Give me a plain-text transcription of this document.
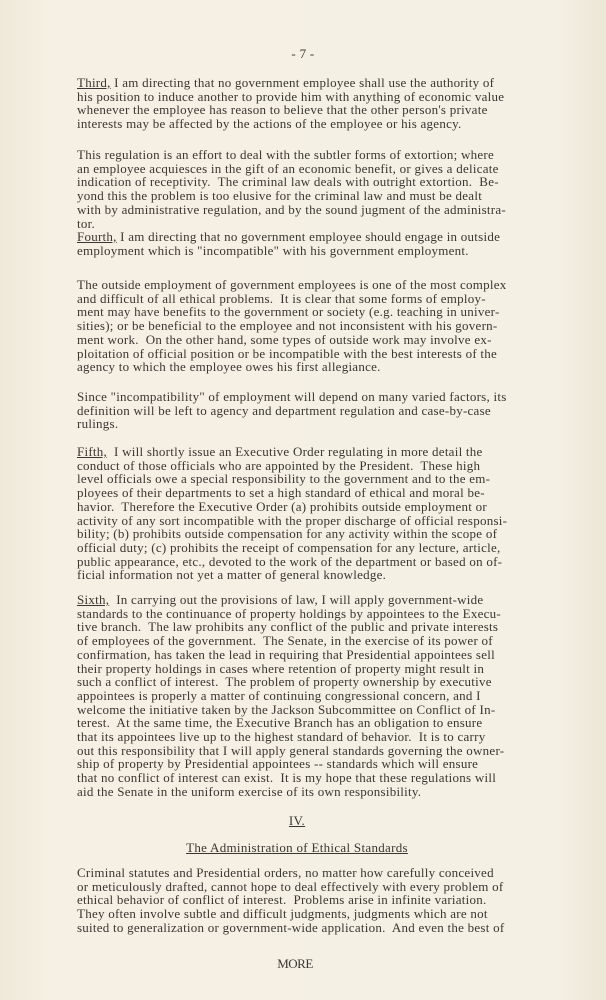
- 7 -
Third, I am directing that no government employee shall use the authority of
his position to induce another to provide him with anything of economic value
whenever the employee has reason to believe that the other person's private
interests may be affected by the actions of the employee or his agency.
This regulation is an effort to deal with the subtler forms of extortion; where
an employee acquiesces in the gift of an economic benefit, or gives a delicate
indication of receptivity.  The criminal law deals with outright extortion.  Be-
yond this the problem is too elusive for the criminal law and must be dealt
with by administrative regulation, and by the sound jugment of the administra-
tor.
Fourth, I am directing that no government employee should engage in outside
employment which is "incompatible" with his government employment.
The outside employment of government employees is one of the most complex
and difficult of all ethical problems.  It is clear that some forms of employ-
ment may have benefits to the government or society (e.g. teaching in univer-
sities); or be beneficial to the employee and not inconsistent with his govern-
ment work.  On the other hand, some types of outside work may involve ex-
ploitation of official position or be incompatible with the best interests of the
agency to which the employee owes his first allegiance.
Since "incompatibility" of employment will depend on many varied factors, its
definition will be left to agency and department regulation and case-by-case
rulings.
Fifth,  I will shortly issue an Executive Order regulating in more detail the
conduct of those officials who are appointed by the President.  These high
level officials owe a special responsibility to the government and to the em-
ployees of their departments to set a high standard of ethical and moral be-
havior.  Therefore the Executive Order (a) prohibits outside employment or
activity of any sort incompatible with the proper discharge of official responsi-
bility; (b) prohibits outside compensation for any activity within the scope of
official duty; (c) prohibits the receipt of compensation for any lecture, article,
public appearance, etc., devoted to the work of the department or based on of-
ficial information not yet a matter of general knowledge.
Sixth,  In carrying out the provisions of law, I will apply government-wide
standards to the continuance of property holdings by appointees to the Execu-
tive branch.  The law prohibits any conflict of the public and private interests
of employees of the government.  The Senate, in the exercise of its power of
confirmation, has taken the lead in requiring that Presidential appointees sell
their property holdings in cases where retention of property might result in
such a conflict of interest.  The problem of property ownership by executive
appointees is properly a matter of continuing congressional concern, and I
welcome the initiative taken by the Jackson Subcommittee on Conflict of In-
terest.  At the same time, the Executive Branch has an obligation to ensure
that its appointees live up to the highest standard of behavior.  It is to carry
out this responsibility that I will apply general standards governing the owner-
ship of property by Presidential appointees -- standards which will ensure
that no conflict of interest can exist.  It is my hope that these regulations will
aid the Senate in the uniform exercise of its own responsibility.
IV.
The Administration of Ethical Standards
Criminal statutes and Presidential orders, no matter how carefully conceived
or meticulously drafted, cannot hope to deal effectively with every problem of
ethical behavior of conflict of interest.  Problems arise in infinite variation.
They often involve subtle and difficult judgments, judgments which are not
suited to generalization or government-wide application.  And even the best of
MORE
